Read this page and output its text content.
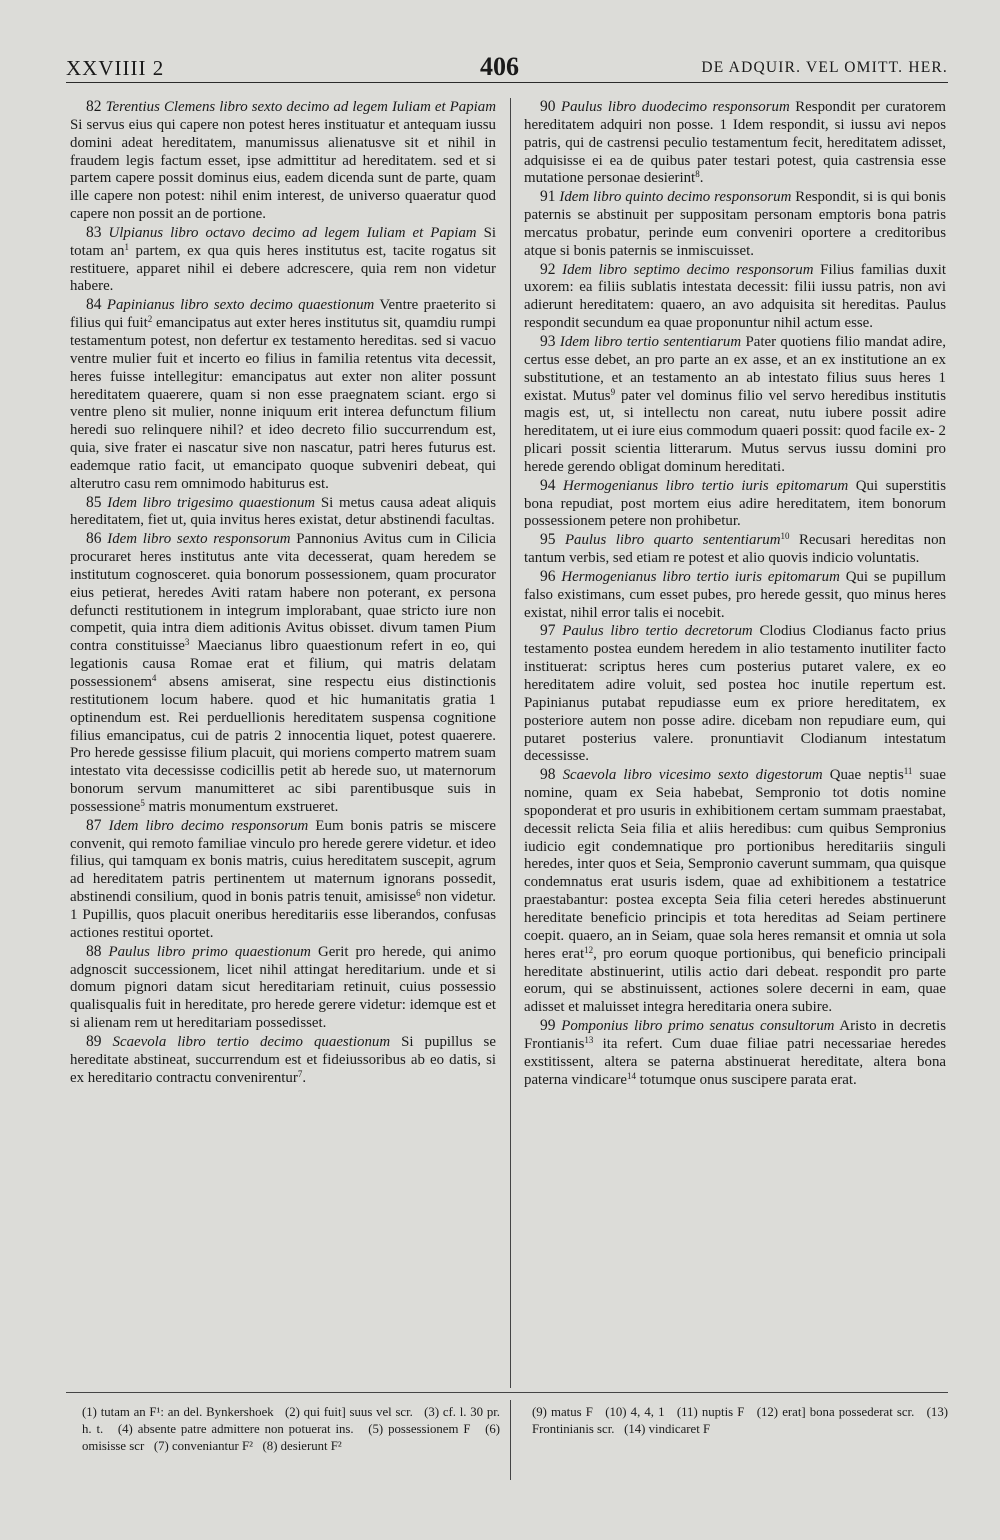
XXVIIII 2	406	DE ADQUIR. VEL OMITT. HER.

82 Terentius Clemens libro sexto decimo ad legem Iuliam et Papiam Si servus eius qui capere non potest heres instituatur et antequam iussu domini adeat hereditatem, manumissus alienatusve sit et nihil in fraudem legis factum esset, ipse admittitur ad hereditatem. sed et si partem capere possit dominus eius, eadem dicenda sunt de parte, quam ille capere non potest: nihil enim interest, de universo quaeratur quod capere non possit an de portione.

83 Ulpianus libro octavo decimo ad legem Iuliam et Papiam Si totam $an^1$ partem, ex qua quis heres institutus est, tacite rogatus sit restituere, apparet nihil ei debere adcrescere, quia rem non videtur habere.

84 Papinianus libro sexto decimo quaestionum Ventre praeterito si filius qui fuit$^2$ emancipatus aut exter heres institutus sit, quamdiu rumpi testamentum potest, non defertur ex testamento hereditas. sed si vacuo ventre mulier fuit et incerto eo filius in familia retentus vita decessit, heres fuisse intellegitur: emancipatus aut exter non aliter possunt hereditatem quaerere, quam si non esse praegnatem sciant. ergo si ventre pleno sit mulier, nonne iniquum erit interea defunctum filium heredi suo relinquere nihil? et ideo decreto filio succurrendum est, quia, sive frater ei nascatur sive non nascatur, patri heres futurus est. eademque ratio facit, ut emancipato quoque subveniri debeat, qui alterutro casu rem omnimodo habiturus est.

85 Idem libro trigesimo quaestionum Si metus causa adeat aliquis hereditatem, fiet ut, quia invitus heres existat, detur abstinendi facultas.

86 Idem libro sexto responsorum Pannonius Avitus cum in Cilicia procuraret heres institutus ante vita decesserat, quam heredem se institutum cognosceret. quia bonorum possessionem, quam procurator eius petierat, heredes Aviti ratam habere non poterant, ex persona defuncti restitutionem in integrum implorabant, quae stricto iure non competit, quia intra diem aditionis Avitus obisset. divum tamen Pium contra constituisse$^3$ Maecianus libro quaestionum refert in eo, qui legationis causa Romae erat et filium, qui matris delatam possessionem$^4$ absens amiserat, sine respectu eius distinctionis restitutionem locum habere. quod et hic humanitatis gratia 1 optinendum est. Rei perduellionis hereditatem suspensa cognitione filius emancipatus, cui de patris 2 innocentia liquet, potest quaerere. Pro herede gessisse filium placuit, qui moriens comperto matrem suam intestato vita decessisse codicillis petit ab herede suo, ut maternorum bonorum servum manumitteret ac sibi parentibusque suis in possessione$^5$ matris monumentum exstrueret.

87 Idem libro decimo responsorum Eum bonis patris se miscere convenit, qui remoto familiae vinculo pro herede gerere videtur. et ideo filius, qui tamquam ex bonis matris, cuius hereditatem suscepit, agrum ad hereditatem patris pertinentem ut maternum ignorans possedit, abstinendi consilium, quod in bonis patris tenuit, amisisse$^6$ non videtur. 1 Pupillis, quos placuit oneribus hereditariis esse liberandos, confusas actiones restitui oportet.

88 Paulus libro primo quaestionum Gerit pro herede, qui animo adgnoscit successionem, licet nihil attingat hereditarium. unde et si domum pignori datam sicut hereditariam retinuit, cuius possessio qualisqualis fuit in hereditate, pro herede gerere videtur: idemque est et si alienam rem ut hereditariam possedisset.

89 Scaevola libro tertio decimo quaestionum Si pupillus se hereditate abstineat, succurrendum est et fideiussoribus ab eo datis, si ex hereditario contractu convenirentur$^7$.

90 Paulus libro duodecimo responsorum Respondit per curatorem hereditatem adquiri non posse. 1 Idem respondit, si iussu avi nepos patris, qui de castrensi peculio testamentum fecit, hereditatem adisset, adquisisse ei ea de quibus pater testari potest, quia castrensia esse mutatione personae desierint$^8$.

91 Idem libro quinto decimo responsorum Respondit, si is qui bonis paternis se abstinuit per suppositam personam emptoris bona patris mercatus probatur, perinde eum conveniri oportere a creditoribus atque si bonis paternis se inmiscuisset.

92 Idem libro septimo decimo responsorum Filius familias duxit uxorem: ea filiis sublatis intestata decessit: filii iussu patris, non avi adierunt hereditatem: quaero, an avo adquisita sit hereditas. Paulus respondit secundum ea quae proponuntur nihil actum esse.

93 Idem libro tertio sententiarum Pater quotiens filio mandat adire, certus esse debet, an pro parte an ex asse, et an ex institutione an ex substitutione, et an testamento an ab intestato filius suus heres 1 existat. Mutus$^9$ pater vel dominus filio vel servo heredibus institutis magis est, ut, si intellectu non careat, nutu iubere possit adire hereditatem, ut ei iure eius commodum quaeri possit: quod facile ex- 2 plicari possit scientia litterarum. Mutus servus iussu domini pro herede gerendo obligat dominum hereditati.

94 Hermogenianus libro tertio iuris epitomarum Qui superstitis bona repudiat, post mortem eius adire hereditatem, item bonorum possessionem petere non prohibetur.

95 Paulus libro quarto sententiarum$^{10}$ Recusari hereditas non tantum verbis, sed etiam re potest et alio quovis indicio voluntatis.

96 Hermogenianus libro tertio iuris epitomarum Qui se pupillum falso existimans, cum esset pubes, pro herede gessit, quo minus heres existat, nihil error talis ei nocebit.

97 Paulus libro tertio decretorum Clodius Clodianus facto prius testamento postea eundem heredem in alio testamento inutiliter facto instituerat: scriptus heres cum posterius putaret valere, ex eo hereditatem adire voluit, sed postea hoc inutile repertum est. Papinianus putabat repudiasse eum ex priore hereditatem, ex posteriore autem non posse adire. dicebam non repudiare eum, qui putaret posterius valere. pronuntiavit Clodianum intestatum decessisse.

98 Scaevola libro vicesimo sexto digestorum Quae neptis$^{11}$ suae nomine, quam ex Seia habebat, Sempronio tot dotis nomine spoponderat et pro usuris in exhibitionem certam summam praestabat, decessit relicta Seia filia et aliis heredibus: cum quibus Sempronius iudicio egit condemnatique pro portionibus hereditariis singuli heredes, inter quos et Seia, Sempronio caverunt summam, qua quisque condemnatus erat usuris isdem, quae ad exhibitionem a testatrice praestabantur: postea excepta Seia filia ceteri heredes abstinuerunt hereditate beneficio principis et tota hereditas ad Seiam pertinere coepit. quaero, an in Seiam, quae sola heres remansit et omnia ut sola heres erat$^{12}$, pro eorum quoque portionibus, qui beneficio principali hereditate abstinuerint, utilis actio dari debeat. respondit pro parte eorum, qui se abstinuissent, actiones solere decerni in eam, quae adisset et maluisset integra hereditaria onera subire.

99 Pomponius libro primo senatus consultorum Aristo in decretis Frontianis$^{13}$ ita refert. Cum duae filiae patri necessariae heredes exstitissent, altera se paterna abstinuerat hereditate, altera bona paterna vindicare$^{14}$ totumque onus suscipere parata erat.

(1) tutam an F¹: an del. Bynkershoek (2) qui fuit] suus vel scr. (3) cf. l. 30 pr. h. t. (4) absente patre admittere non potuerat ins. (5) possessionem F (6) omisisse scr (7) conveniantur F² (8) desierunt F²
(9) matus F (10) 4, 4, 1 (11) nuptis F (12) erat] bona possederat scr. (13) Frontinianis scr. (14) vindicaret F
